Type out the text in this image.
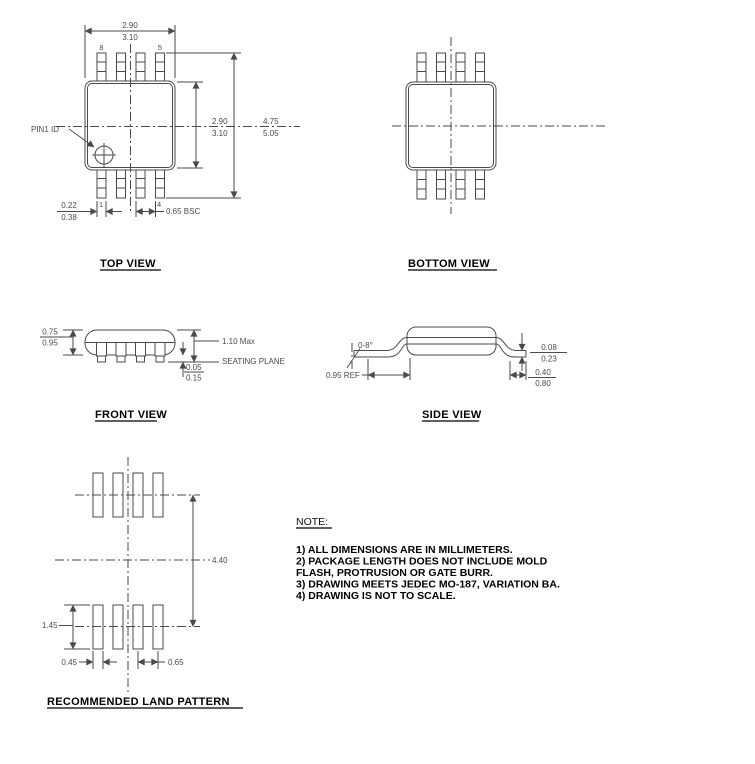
PIN1 ID
2.90
3.10
8	5
2.90
3.10
4.75
5.05
0.22
0.38
1	4
0.65 BSC
TOP VIEW	BOTTOM VIEW
0.75
0.95	1.10 Max
SEATING PLANE
0.05
0.15
FRONT VIEW
0-8°
0.95 REF
0.08
0.23
0.40
0.80
SIDE VIEW
4.40
1.45
0.45	0.65
RECOMMENDED LAND PATTERN
NOTE:
1) ALL DIMENSIONS ARE IN MILLIMETERS.
2) PACKAGE LENGTH DOES NOT INCLUDE MOLD
FLASH, PROTRUSION OR GATE BURR.
3) DRAWING MEETS JEDEC MO-187, VARIATION BA.
4) DRAWING IS NOT TO SCALE.
